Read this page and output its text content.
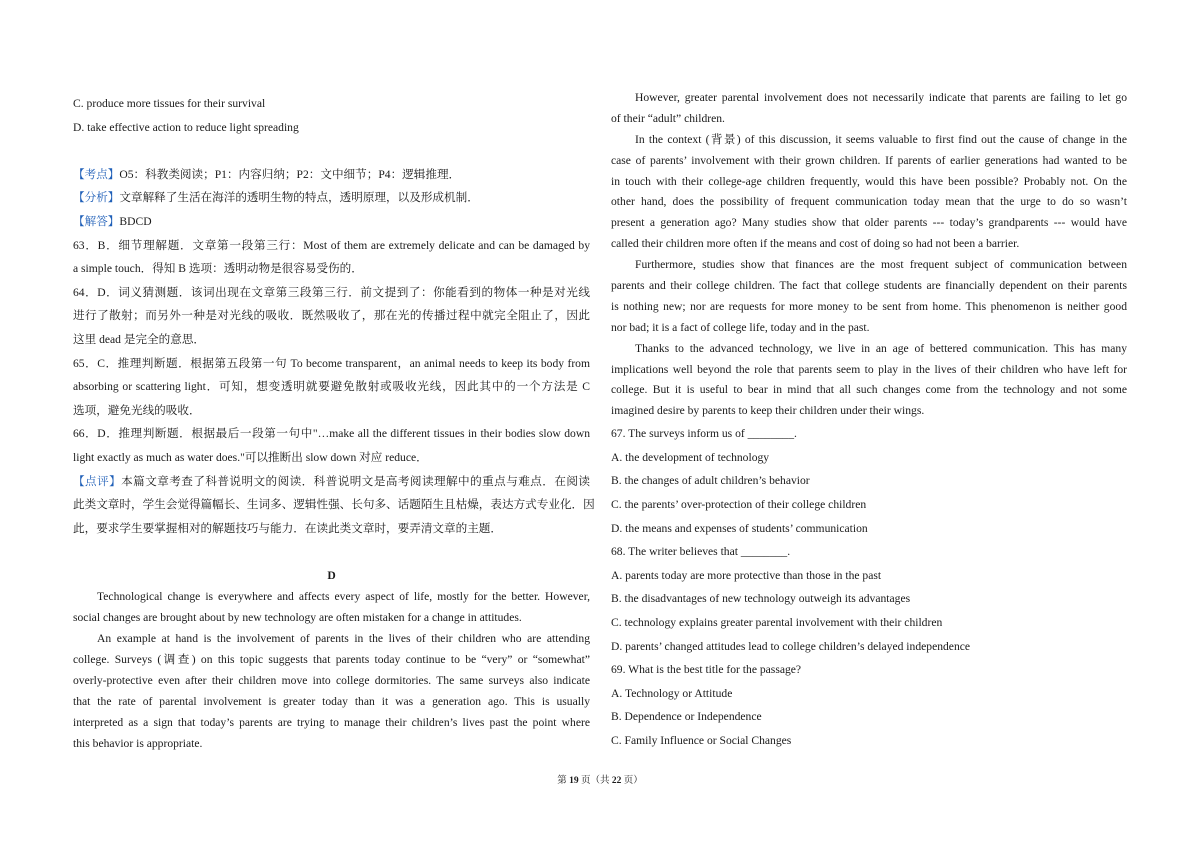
C. produce more tissues for their survival
D. take effective action to reduce light spreading
【考点】O5：科教类阅读；P1：内容归纳；P2：文中细节；P4：逻辑推理．
【分析】文章解释了生活在海洋的透明生物的特点，透明原理，以及形成机制．
【解答】BDCD
63．B．细节理解题．文章第一段第三行：Most of them are extremely delicate and can be damaged by
a simple touch．得知 B 选项：透明动物是很容易受伤的．
64．D．词义猜测题．该词出现在文章第三段第三行．前文提到了：你能看到的物体一种是对光线
进行了散射；而另外一种是对光线的吸收．既然吸收了，那在光的传播过程中就完全阻止了，因此
这里 dead 是完全的意思．
65．C．推理判断题．根据第五段第一句 To become transparent，an animal needs to keep its body from
absorbing or scattering light．可知，想变透明就要避免散射或吸收光线，因此其中的一个方法是 C
选项，避免光线的吸收．
66．D．推理判断题．根据最后一段第一句中"…make all the different tissues in their bodies slow down
light exactly as much as water does."可以推断出 slow down 对应 reduce．
【点评】本篇文章考查了科普说明文的阅读．科普说明文是高考阅读理解中的重点与难点．在阅读
此类文章时，学生会觉得篇幅长、生词多、逻辑性强、长句多、话题陌生且枯燥，表达方式专业化．因
此，要求学生要掌握相对的解题技巧与能力．在读此类文章时，要弄清文章的主题．
D
Technological change is everywhere and affects every aspect of life, mostly for the better. However,
social changes are brought about by new technology are often mistaken for a change in attitudes.
An example at hand is the involvement of parents in the lives of their children who are attending
college. Surveys (调查) on this topic suggests that parents today continue to be “very” or “somewhat”
overly-protective even after their children move into college dormitories. The same surveys also indicate
that the rate of parental involvement is greater today than it was a generation ago. This is usually
interpreted as a sign that today’s parents are trying to manage their children’s lives past the point where
this behavior is appropriate.
However, greater parental involvement does not necessarily indicate that parents are failing to let go
of their “adult” children.
In the context (背景) of this discussion, it seems valuable to first find out the cause of change in the
case of parents’ involvement with their grown children. If parents of earlier generations had wanted to be
in touch with their college-age children frequently, would this have been possible? Probably not. On the
other hand, does the possibility of frequent communication today mean that the urge to do so wasn’t
present a generation ago? Many studies show that older parents --- today’s grandparents --- would have
called their children more often if the means and cost of doing so had not been a barrier.
Furthermore, studies show that finances are the most frequent subject of communication between
parents and their college children. The fact that college students are financially dependent on their parents
is nothing new; nor are requests for more money to be sent from home. This phenomenon is neither good
nor bad; it is a fact of college life, today and in the past.
Thanks to the advanced technology, we live in an age of bettered communication. This has many
implications well beyond the role that parents seem to play in the lives of their children who have left for
college. But it is useful to bear in mind that all such changes come from the technology and not some
imagined desire by parents to keep their children under their wings.
67. The surveys inform us of ________.
A. the development of technology
B. the changes of adult children’s behavior
C. the parents’ over-protection of their college children
D. the means and expenses of students’ communication
68. The writer believes that ________.
A. parents today are more protective than those in the past
B. the disadvantages of new technology outweigh its advantages
C. technology explains greater parental involvement with their children
D. parents’ changed attitudes lead to college children’s delayed independence
69. What is the best title for the passage?
A. Technology or Attitude
B. Dependence or Independence
C. Family Influence or Social Changes
第 19 页（共 22 页）
